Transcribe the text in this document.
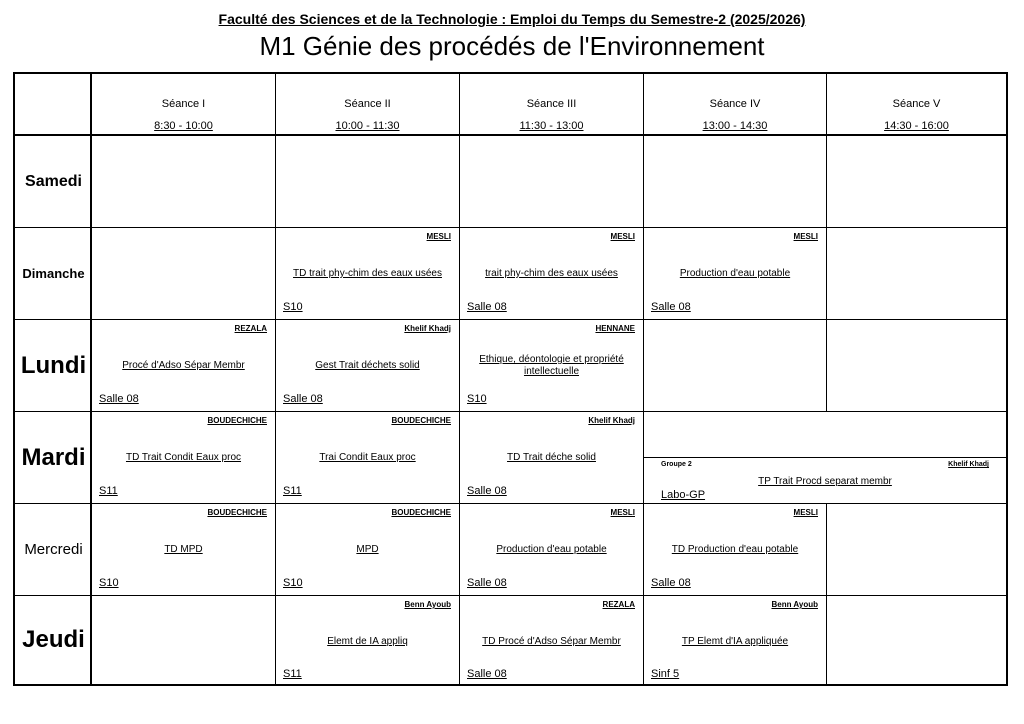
Faculté des Sciences et de la Technologie : Emploi du Temps du Semestre-2 (2025/2026)
M1 Génie des procédés de l'Environnement
Séance I
8:30 - 10:00
Séance II
10:00 - 11:30
Séance III
11:30 - 13:00
Séance IV
13:00 - 14:30
Séance V
14:30 - 16:00
Samedi
Dimanche
Lundi
Mardi
Mercredi
Jeudi
MESLI
TD trait phy-chim des eaux usées
S10
MESLI
trait phy-chim des eaux usées
Salle 08
MESLI
Production d'eau potable
Salle 08
REZALA
Procé d'Adso Sépar Membr
Salle 08
Khelif Khadj
Gest Trait déchets solid
Salle 08
HENNANE
Ethique, déontologie et propriété intellectuelle
S10
BOUDECHICHE
TD Trait Condit Eaux proc
S11
BOUDECHICHE
Trai Condit Eaux proc
S11
Khelif Khadj
TD Trait déche solid
Salle 08
Groupe 2	Khelif Khadj
TP Trait Procd separat membr
Labo-GP
BOUDECHICHE
TD MPD
S10
BOUDECHICHE
MPD
S10
MESLI
Production d'eau potable
Salle 08
MESLI
TD Production d'eau potable
Salle 08
Benn Ayoub
Elemt de IA appliq
S11
REZALA
TD Procé d'Adso Sépar Membr
Salle 08
Benn Ayoub
TP Elemt d'IA appliquée
Sinf 5
